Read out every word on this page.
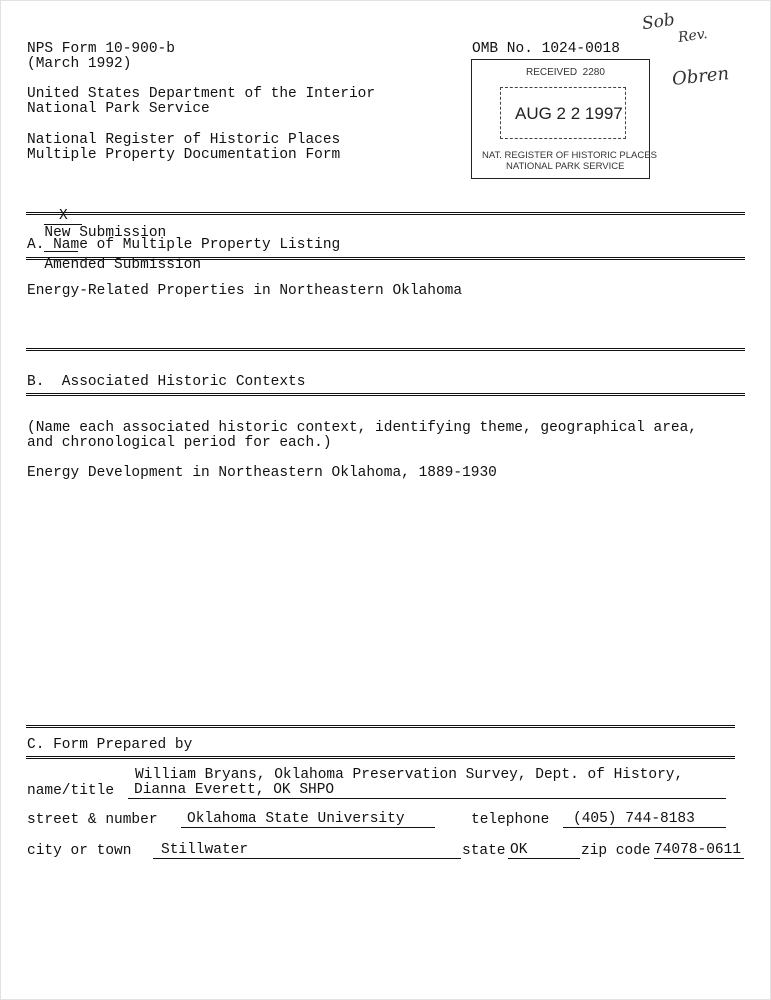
NPS Form 10-900-b
(March 1992)
OMB No. 1024-0018
United States Department of the Interior
National Park Service
National Register of Historic Places
Multiple Property Documentation Form
RECEIVED  2280
AUG 2 2 1997
NAT. REGISTER OF HISTORIC PLACES
NATIONAL PARK SERVICE
Sob
Rev.
Obren

X
New Submission

Amended Submission

A. Name of Multiple Property Listing
Energy-Related Properties in Northeastern Oklahoma
B.  Associated Historic Contexts
(Name each associated historic context, identifying theme, geographical area,
and chronological period for each.)
Energy Development in Northeastern Oklahoma, 1889-1930
C. Form Prepared by
William Bryans, Oklahoma Preservation Survey, Dept. of History,
name/title	Dianna Everett, OK SHPO
street & number	Oklahoma State University	telephone	(405) 744-8183
city or town	Stillwater	state OK	zip code 74078-0611
